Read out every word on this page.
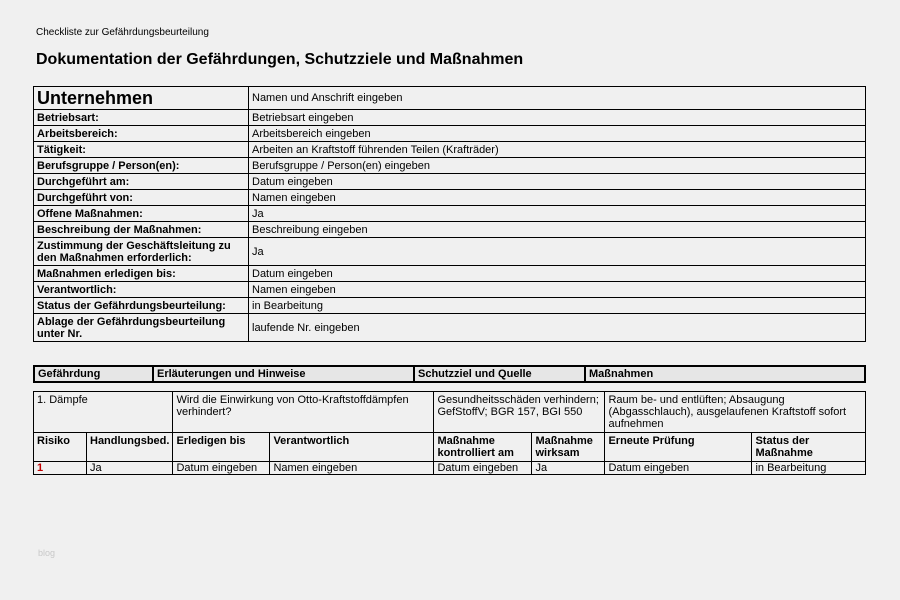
Checkliste zur Gefährdungsbeurteilung
Dokumentation der Gefährdungen, Schutzziele und Maßnahmen
Unternehmen	Namen und Anschrift eingeben
Betriebsart:	Betriebsart eingeben
Arbeitsbereich:	Arbeitsbereich eingeben
Tätigkeit:	Arbeiten an Kraftstoff führenden Teilen (Krafträder)
Berufsgruppe / Person(en):	Berufsgruppe / Person(en) eingeben
Durchgeführt am:	Datum eingeben
Durchgeführt von:	Namen eingeben
Offene Maßnahmen:	Ja
Beschreibung der Maßnahmen:	Beschreibung eingeben
Zustimmung der Geschäftsleitung zu den Maßnahmen erforderlich:	Ja
Maßnahmen erledigen bis:	Datum eingeben
Verantwortlich:	Namen eingeben
Status der Gefährdungsbeurteilung:	in Bearbeitung
Ablage der Gefährdungsbeurteilung unter Nr.	laufende Nr. eingeben
Gefährdung	Erläuterungen und Hinweise	Schutzziel und Quelle	Maßnahmen
1. Dämpfe		Wird die Einwirkung von Otto-Kraftstoffdämpfen verhindert?		Gesundheitsschäden verhindern; GefStoffV; BGR 157, BGI 550		Raum be- und entlüften; Absaugung (Abgasschlauch), ausgelaufenen Kraftstoff sofort aufnehmen	
Risiko	Handlungsbed.	Erledigen bis	Verantwortlich	Maßnahme kontrolliert am	Maßnahme wirksam	Erneute Prüfung	Status der Maßnahme
1	Ja	Datum eingeben	Namen eingeben	Datum eingeben	Ja	Datum eingeben	in Bearbeitung
blog
